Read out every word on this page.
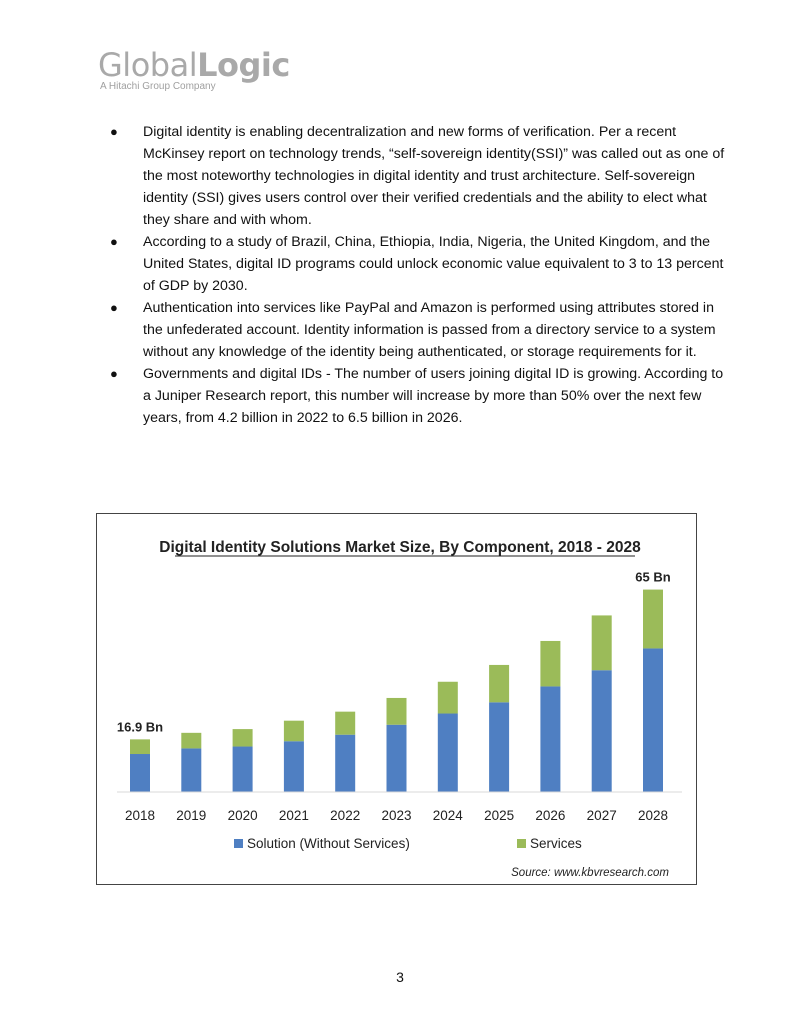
GlobalLogic
A Hitachi Group Company
● Digital identity is enabling decentralization and new forms of verification. Per a recent McKinsey report on technology trends, “self-sovereign identity(SSI)” was called out as one of the most noteworthy technologies in digital identity and trust architecture. Self-sovereign identity (SSI) gives users control over their verified credentials and the ability to elect what they share and with whom.
● According to a study of Brazil, China, Ethiopia, India, Nigeria, the United Kingdom, and the United States, digital ID programs could unlock economic value equivalent to 3 to 13 percent of GDP by 2030.
● Authentication into services like PayPal and Amazon is performed using attributes stored in the unfederated account. Identity information is passed from a directory service to a system without any knowledge of the identity being authenticated, or storage requirements for it.
● Governments and digital IDs - The number of users joining digital ID is growing. According to a Juniper Research report, this number will increase by more than 50% over the next few years, from 4.2 billion in 2022 to 6.5 billion in 2026.
Digital Identity Solutions Market Size, By Component, 2018 - 2028
2018 2019 2020 2021 2022 2023 2024 2025 2026 2027 2028
16.9 Bn
65 Bn
Solution (Without Services)	Services
Source: www.kbvresearch.com
3
